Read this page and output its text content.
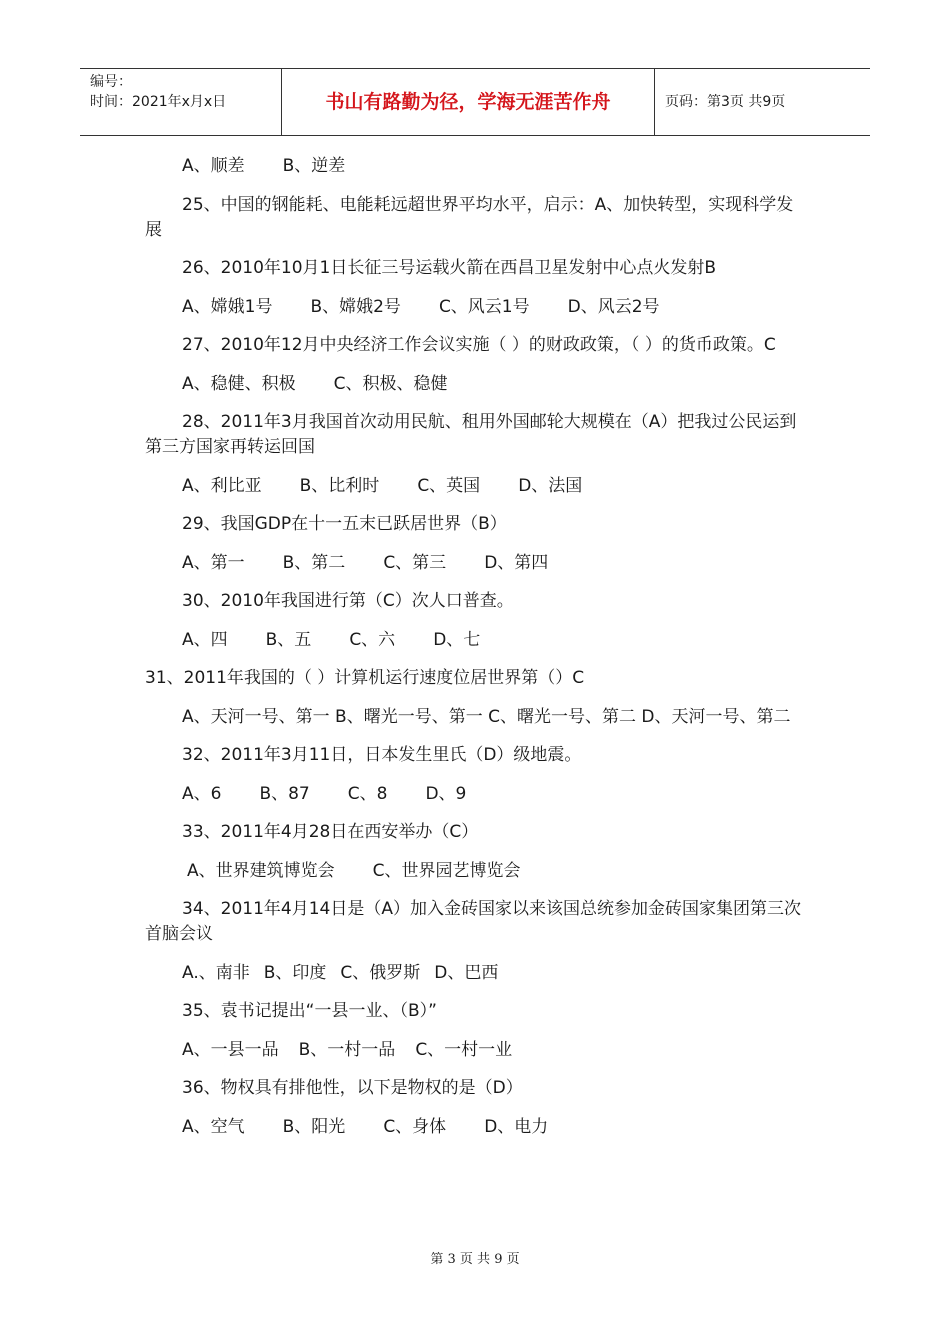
编号：
时间：2021年x月x日	书山有路勤为径，学海无涯苦作舟	页码：第3页 共9页
A、顺差 B、逆差
25、中国的钢能耗、电能耗远超世界平均水平，启示：A、加快转型，实现科学发展
26、2010年10月1日长征三号运载火箭在西昌卫星发射中心点火发射B
A、嫦娥1号 B、嫦娥2号 C、风云1号 D、风云2号
27、2010年12月中央经济工作会议实施（ ）的财政政策，（ ）的货币政策。C
A、稳健、积极 C、积极、稳健
28、2011年3月我国首次动用民航、租用外国邮轮大规模在（A）把我过公民运到第三方国家再转运回国
A、利比亚 B、比利时 C、英国 D、法国
29、我国GDP在十一五末已跃居世界（B）
A、第一 B、第二 C、第三 D、第四
30、2010年我国进行第（C）次人口普查。
A、四 B、五 C、六 D、七
31、2011年我国的（ ）计算机运行速度位居世界第（）C
A、天河一号、第一 B、曙光一号、第一 C、曙光一号、第二 D、天河一号、第二
32、2011年3月11日，日本发生里氏（D）级地震。
A、6 B、87 C、8 D、9
33、2011年4月28日在西安举办（C）
A、世界建筑博览会 C、世界园艺博览会
34、2011年4月14日是（A）加入金砖国家以来该国总统参加金砖国家集团第三次首脑会议
A.、南非 B、印度 C、俄罗斯 D、巴西
35、袁书记提出“一县一业、（B）”
A、一县一品 B、一村一品 C、一村一业
36、物权具有排他性，以下是物权的是（D）
A、空气 B、阳光 C、身体 D、电力
第 3 页 共 9 页
